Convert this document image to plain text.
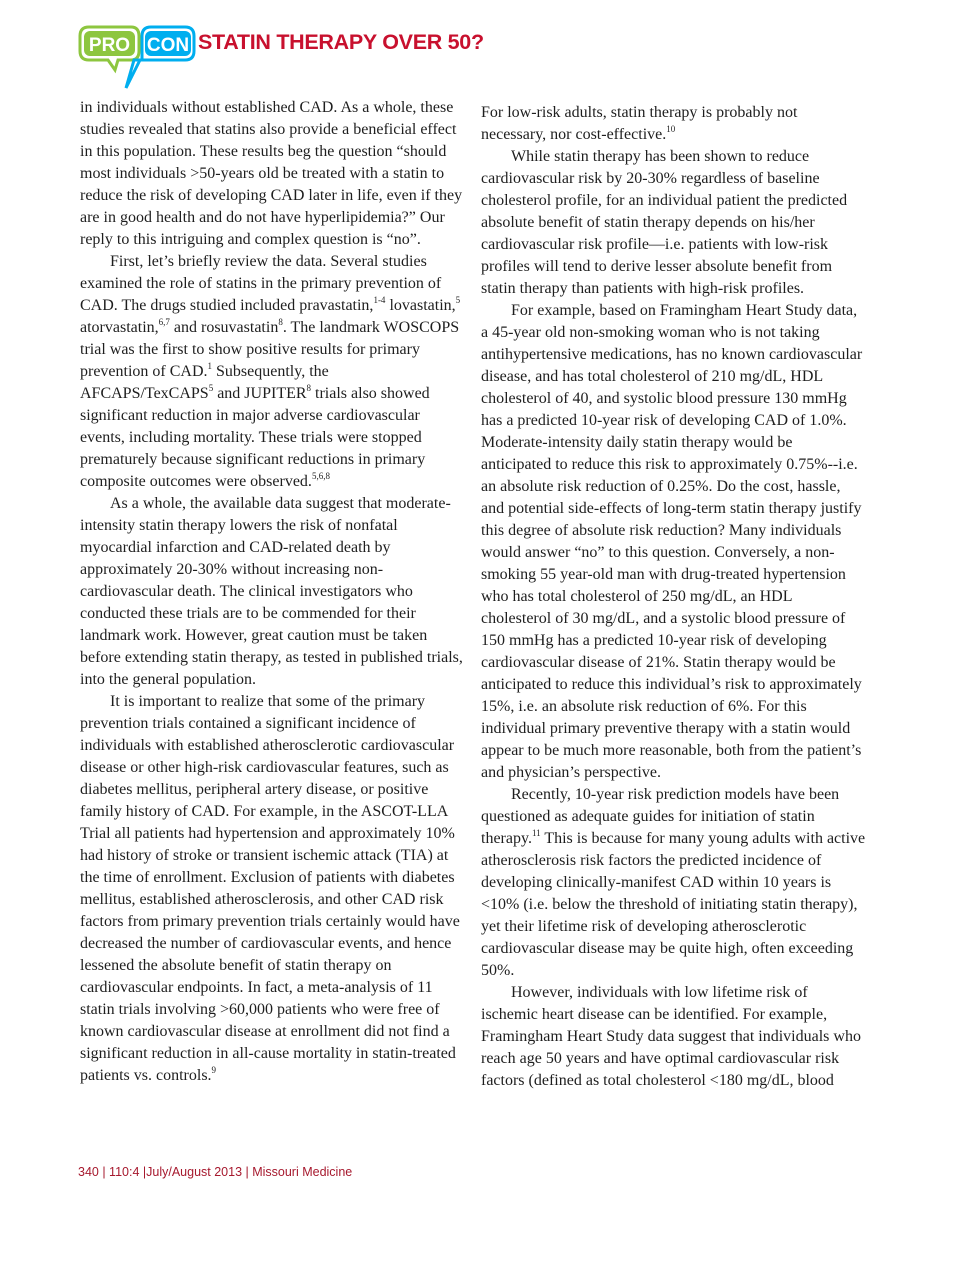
PRO CON STATIN THERAPY OVER 50?

in individuals without established CAD. As a whole, these studies revealed that statins also provide a beneficial effect in this population. These results beg the question “should most individuals >50-years old be treated with a statin to reduce the risk of developing CAD later in life, even if they are in good health and do not have hyperlipidemia?” Our reply to this intriguing and complex question is “no”.

First, let’s briefly review the data. Several studies examined the role of statins in the primary prevention of CAD. The drugs studied included pravastatin,$^{1-4}$ lovastatin,$^5$ atorvastatin,$^{6,7}$ and rosuvastatin$^8$. The landmark WOSCOPS trial was the first to show positive results for primary prevention of CAD.$^1$ Subsequently, the AFCAPS/TexCAPS$^5$ and JUPITER$^8$ trials also showed significant reduction in major adverse cardiovascular events, including mortality. These trials were stopped prematurely because significant reductions in primary composite outcomes were observed.$^{5,6,8}$

As a whole, the available data suggest that moderate-intensity statin therapy lowers the risk of nonfatal myocardial infarction and CAD-related death by approximately 20-30% without increasing non-cardiovascular death. The clinical investigators who conducted these trials are to be commended for their landmark work. However, great caution must be taken before extending statin therapy, as tested in published trials, into the general population.

It is important to realize that some of the primary prevention trials contained a significant incidence of individuals with established atherosclerotic cardiovascular disease or other high-risk cardiovascular features, such as diabetes mellitus, peripheral artery disease, or positive family history of CAD. For example, in the ASCOT-LLA Trial all patients had hypertension and approximately 10% had history of stroke or transient ischemic attack (TIA) at the time of enrollment. Exclusion of patients with diabetes mellitus, established atherosclerosis, and other CAD risk factors from primary prevention trials certainly would have decreased the number of cardiovascular events, and hence lessened the absolute benefit of statin therapy on cardiovascular endpoints. In fact, a meta-analysis of 11 statin trials involving >60,000 patients who were free of known cardiovascular disease at enrollment did not find a significant reduction in all-cause mortality in statin-treated patients vs. controls.$^9$

For low-risk adults, statin therapy is probably not necessary, nor cost-effective.$^{10}$

While statin therapy has been shown to reduce cardiovascular risk by 20-30% regardless of baseline cholesterol profile, for an individual patient the predicted absolute benefit of statin therapy depends on his/her cardiovascular risk profile—i.e. patients with low-risk profiles will tend to derive lesser absolute benefit from statin therapy than patients with high-risk profiles.

For example, based on Framingham Heart Study data, a 45-year old non-smoking woman who is not taking antihypertensive medications, has no known cardiovascular disease, and has total cholesterol of 210 mg/dL, HDL cholesterol of 40, and systolic blood pressure 130 mmHg has a predicted 10-year risk of developing CAD of 1.0%. Moderate-intensity daily statin therapy would be anticipated to reduce this risk to approximately 0.75%--i.e. an absolute risk reduction of 0.25%. Do the cost, hassle, and potential side-effects of long-term statin therapy justify this degree of absolute risk reduction? Many individuals would answer “no” to this question. Conversely, a non-smoking 55 year-old man with drug-treated hypertension who has total cholesterol of 250 mg/dL, an HDL cholesterol of 30 mg/dL, and a systolic blood pressure of 150 mmHg has a predicted 10-year risk of developing cardiovascular disease of 21%. Statin therapy would be anticipated to reduce this individual’s risk to approximately 15%, i.e. an absolute risk reduction of 6%. For this individual primary preventive therapy with a statin would appear to be much more reasonable, both from the patient’s and physician’s perspective.

Recently, 10-year risk prediction models have been questioned as adequate guides for initiation of statin therapy.$^{11}$ This is because for many young adults with active atherosclerosis risk factors the predicted incidence of developing clinically-manifest CAD within 10 years is <10% (i.e. below the threshold of initiating statin therapy), yet their lifetime risk of developing atherosclerotic cardiovascular disease may be quite high, often exceeding 50%.

However, individuals with low lifetime risk of ischemic heart disease can be identified. For example, Framingham Heart Study data suggest that individuals who reach age 50 years and have optimal cardiovascular risk factors (defined as total cholesterol <180 mg/dL, blood

340 | 110:4 |July/August 2013 | Missouri Medicine
